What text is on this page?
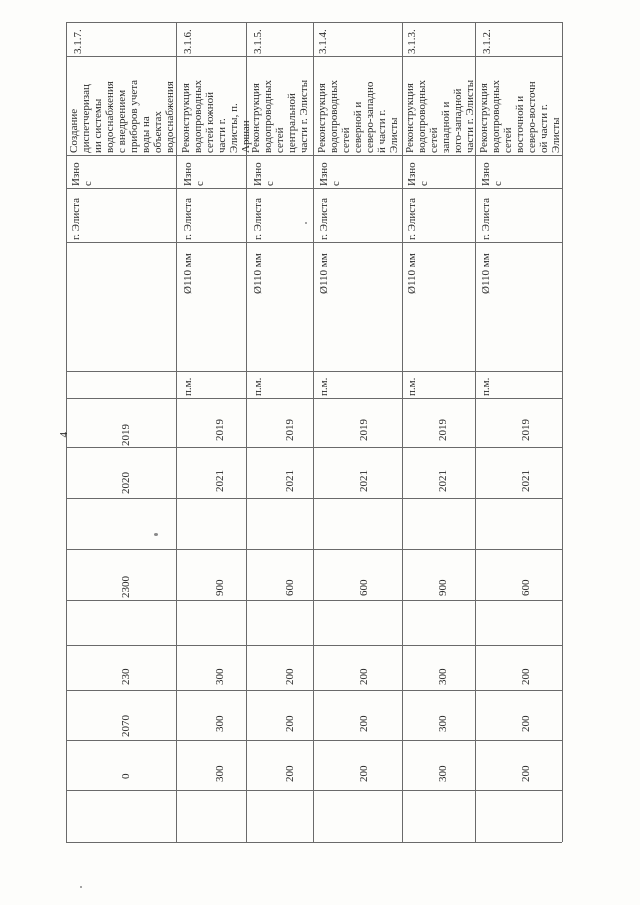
3.1.2.
Реконструкция
водопроводных
сетей
восточной и
северо-восточн
ой части г.
Элисты
Изно
с
г. Элиста
Ø110 мм
п.м.
2019
2021
600
200
200
200
3.1.3.
Реконструкция
водопроводных
сетей
западной и
юго-западной
части г. Элисты
Изно
с
г. Элиста
Ø110 мм
п.м.
2019
2021
900
300
300
300
3.1.4.
Реконструкция
водопроводных
сетей
северной и
северо-западно
й части г.
Элисты
Изно
с
г. Элиста
Ø110 мм
п.м.
2019
2021
600
200
200
200
3.1.5.
Реконструкция
водопроводных
сетей
центральной
части г. Элисты
Изно
с
г. Элиста
Ø110 мм
п.м.
2019
2021
600
200
200
200
3.1.6.
Реконструкция
водопроводных
сетей южной
части г.
Элисты, п.
Аршан
Изно
с
г. Элиста
Ø110 мм
п.м.
2019
2021
900
300
300
300
3.1.7.
Создание
диспетчеризац
ии системы
водоснабжения
с внедрением
приборов учета
воды на
объектах
водоснабжения
Изно
с
г. Элиста
2019
2020
2300
230
2070
0
4
